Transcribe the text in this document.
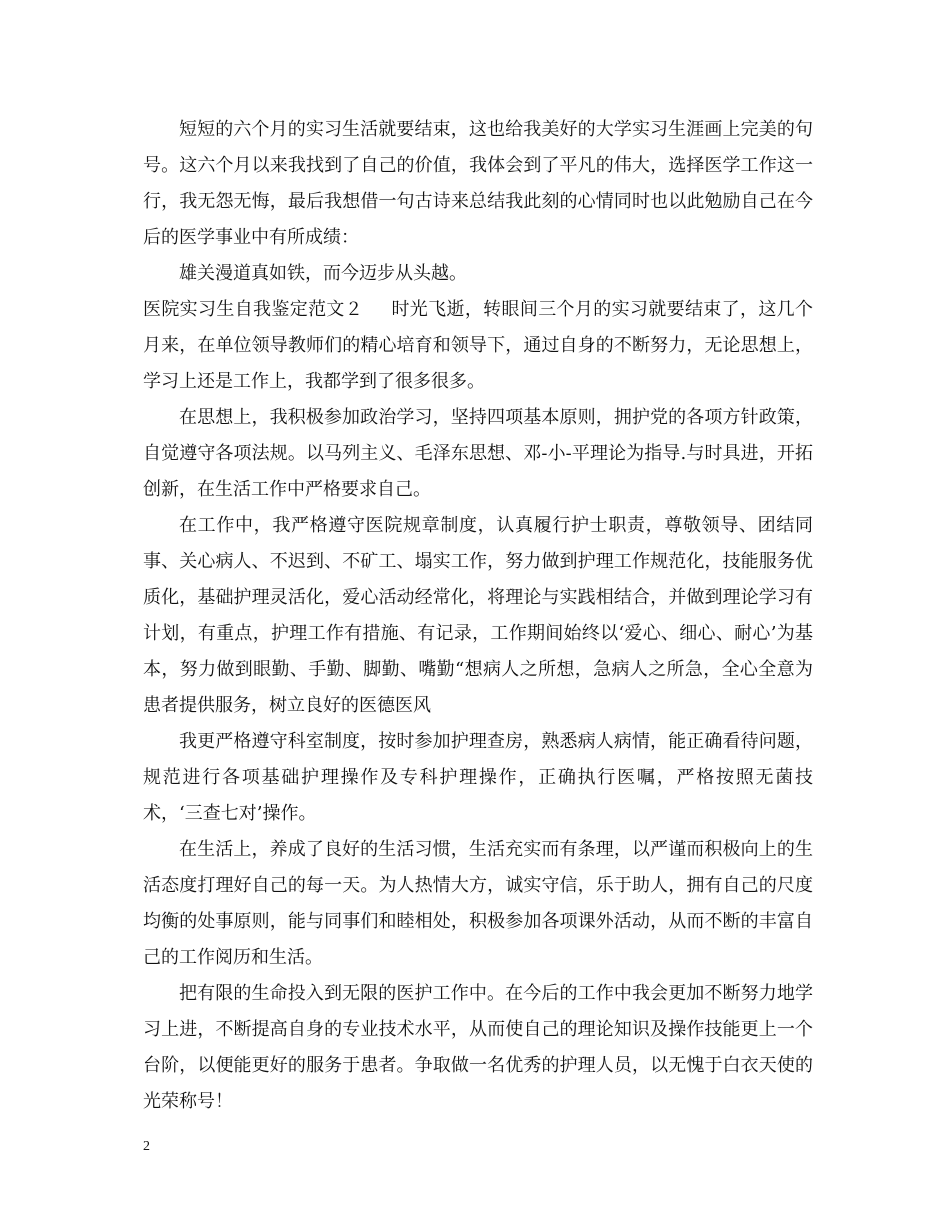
短短的六个月的实习生活就要结束，这也给我美好的大学实习生涯画上完美的句号。这六个月以来我找到了自己的价值，我体会到了平凡的伟大，选择医学工作这一行，我无怨无悔，最后我想借一句古诗来总结我此刻的心情同时也以此勉励自己在今后的医学事业中有所成绩：

雄关漫道真如铁，而今迈步从头越。

医院实习生自我鉴定范文２ 时光飞逝，转眼间三个月的实习就要结束了，这几个月来，在单位领导教师们的精心培育和领导下，通过自身的不断努力，无论思想上，学习上还是工作上，我都学到了很多很多。

在思想上，我积极参加政治学习，坚持四项基本原则，拥护党的各项方针政策，自觉遵守各项法规。以马列主义、毛泽东思想、邓-小-平理论为指导.与时具进，开拓创新，在生活工作中严格要求自己。

在工作中，我严格遵守医院规章制度，认真履行护士职责，尊敬领导、团结同事、关心病人、不迟到、不矿工、塌实工作，努力做到护理工作规范化，技能服务优质化，基础护理灵活化，爱心活动经常化，将理论与实践相结合，并做到理论学习有计划，有重点，护理工作有措施、有记录，工作期间始终以‘爱心、细心、耐心’为基本，努力做到眼勤、手勤、脚勤、嘴勤“想病人之所想，急病人之所急，全心全意为患者提供服务，树立良好的医德医风

我更严格遵守科室制度，按时参加护理查房，熟悉病人病情，能正确看待问题，规范进行各项基础护理操作及专科护理操作，正确执行医嘱，严格按照无菌技术，‘三查七对’操作。

在生活上，养成了良好的生活习惯，生活充实而有条理，以严谨而积极向上的生活态度打理好自己的每一天。为人热情大方，诚实守信，乐于助人，拥有自己的尺度均衡的处事原则，能与同事们和睦相处，积极参加各项课外活动，从而不断的丰富自己的工作阅历和生活。

把有限的生命投入到无限的医护工作中。在今后的工作中我会更加不断努力地学习上进，不断提高自身的专业技术水平，从而使自己的理论知识及操作技能更上一个台阶，以便能更好的服务于患者。争取做一名优秀的护理人员，以无愧于白衣天使的光荣称号！

2
